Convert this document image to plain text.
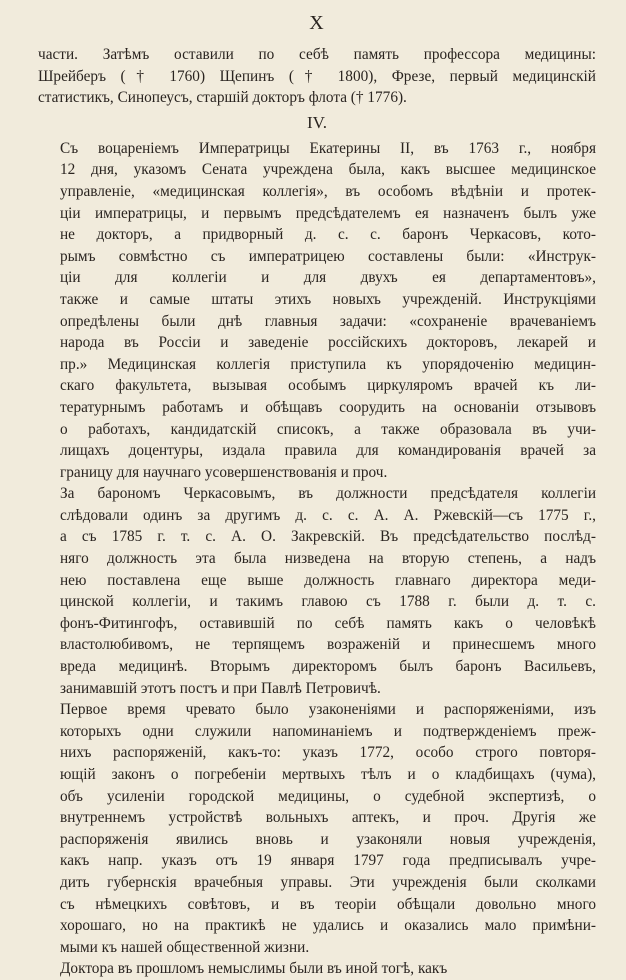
X
части. Затѣмъ оставили по себѣ память профессора медицины:
Шрейберъ († 1760) Щепинъ († 1800), Фрезе, первый медицинскій
статистикъ, Синопеусъ, старшій докторъ флота († 1776).
IV.
Съ воцареніемъ Императрицы Екатерины II, въ 1763 г., ноября
12 дня, указомъ Сената учреждена была, какъ высшее медицинское
управленіе, «медицинская коллегія», въ особомъ вѣдѣніи и протек-
ціи императрицы, и первымъ предсѣдателемъ ея назначенъ былъ уже
не докторъ, а придворный д. с. с. баронъ Черкасовъ, кото-
рымъ совмѣстно съ императрицею составлены были: «Инструк-
ціи для коллегіи и для двухъ ея департаментовъ»,
также и самые штаты этихъ новыхъ учрежденій. Инструкціями
опредѣлены были днѣ главныя задачи: «сохраненіе врачеваніемъ
народа въ Россіи и заведеніе россійскихъ докторовъ, лекарей и
пр.» Медицинская коллегія приступила къ упорядоченію медицин-
скаго факультета, вызывая особымъ циркуляромъ врачей къ ли-
тературнымъ работамъ и обѣщавъ соорудить на основаніи отзывовъ
о работахъ, кандидатскій списокъ, а также образовала въ учи-
лищахъ доцентуры, издала правила для командированія врачей за
границу для научнаго усовершенствованія и проч.
За барономъ Черкасовымъ, въ должности предсѣдателя коллегіи
слѣдовали одинъ за другимъ д. с. с. А. А. Ржевскій—съ 1775 г.,
а съ 1785 г. т. с. А. О. Закревскій. Въ предсѣдательство послѣд-
няго должность эта была низведена на вторую степень, а надъ
нею поставлена еще выше должность главнаго директора меди-
цинской коллегіи, и такимъ главою съ 1788 г. были д. т. с.
фонъ-Фитингофъ, оставившій по себѣ память какъ о человѣкѣ
властолюбивомъ, не терпящемъ возраженій и принесшемъ много
вреда медицинѣ. Вторымъ директоромъ былъ баронъ Васильевъ,
занимавшій этотъ постъ и при Павлѣ Петровичѣ.
Первое время чревато было узаконеніями и распоряженіями, изъ
которыхъ одни служили напоминаніемъ и подтвержденіемъ преж-
нихъ распоряженій, какъ-то: указъ 1772, особо строго повторя-
ющій законъ о погребеніи мертвыхъ тѣлъ и о кладбищахъ (чума),
объ усиленіи городской медицины, о судебной экспертизѣ, о
внутреннемъ устройствѣ вольныхъ аптекъ, и проч. Другія же
распоряженія явились вновь и узаконяли новыя учрежденія,
какъ напр. указъ отъ 19 января 1797 года предписывалъ учре-
дить губернскія врачебныя управы. Эти учрежденія были сколками
съ нѣмецкихъ совѣтовъ, и въ теоріи обѣщали довольно много
хорошаго, но на практикѣ не удались и оказались мало примѣни-
мыми къ нашей общественной жизни.
Доктора въ прошломъ немыслимы были въ иной тогѣ, какъ
